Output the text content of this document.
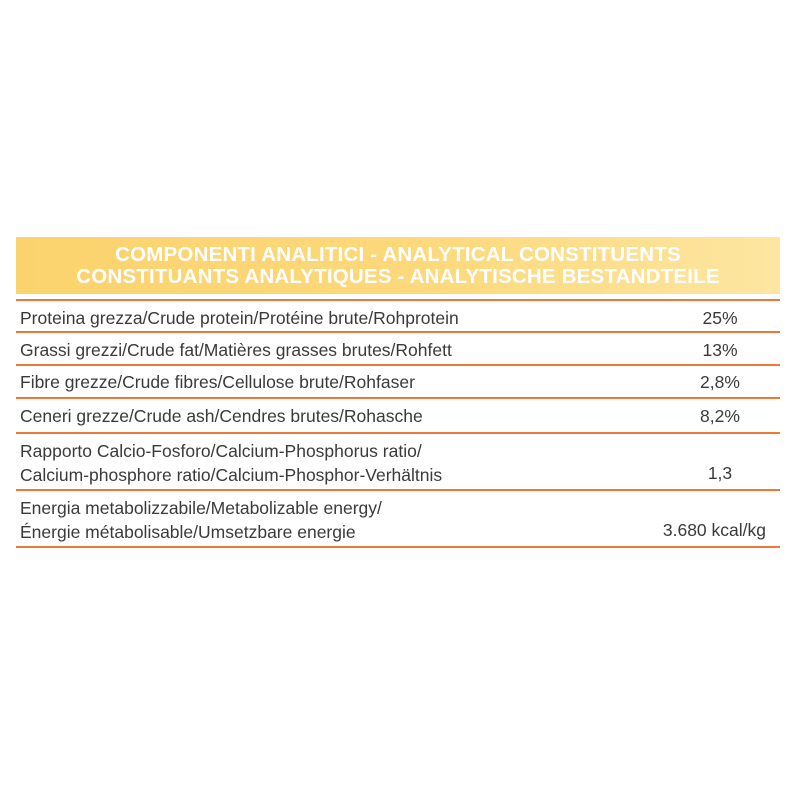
COMPONENTI ANALITICI - ANALYTICAL CONSTITUENTS
CONSTITUANTS ANALYTIQUES - ANALYTISCHE BESTANDTEILE
Proteina grezza/Crude protein/Protéine brute/Rohprotein	25%
Grassi grezzi/Crude fat/Matières grasses brutes/Rohfett	13%
Fibre grezze/Crude fibres/Cellulose brute/Rohfaser	2,8%
Ceneri grezze/Crude ash/Cendres brutes/Rohasche	8,2%
Rapporto Calcio-Fosforo/Calcium-Phosphorus ratio/
Calcium-phosphore ratio/Calcium-Phosphor-Verhältnis	1,3
Energia metabolizzabile/Metabolizable energy/
Énergie métabolisable/Umsetzbare energie	3.680 kcal/kg
